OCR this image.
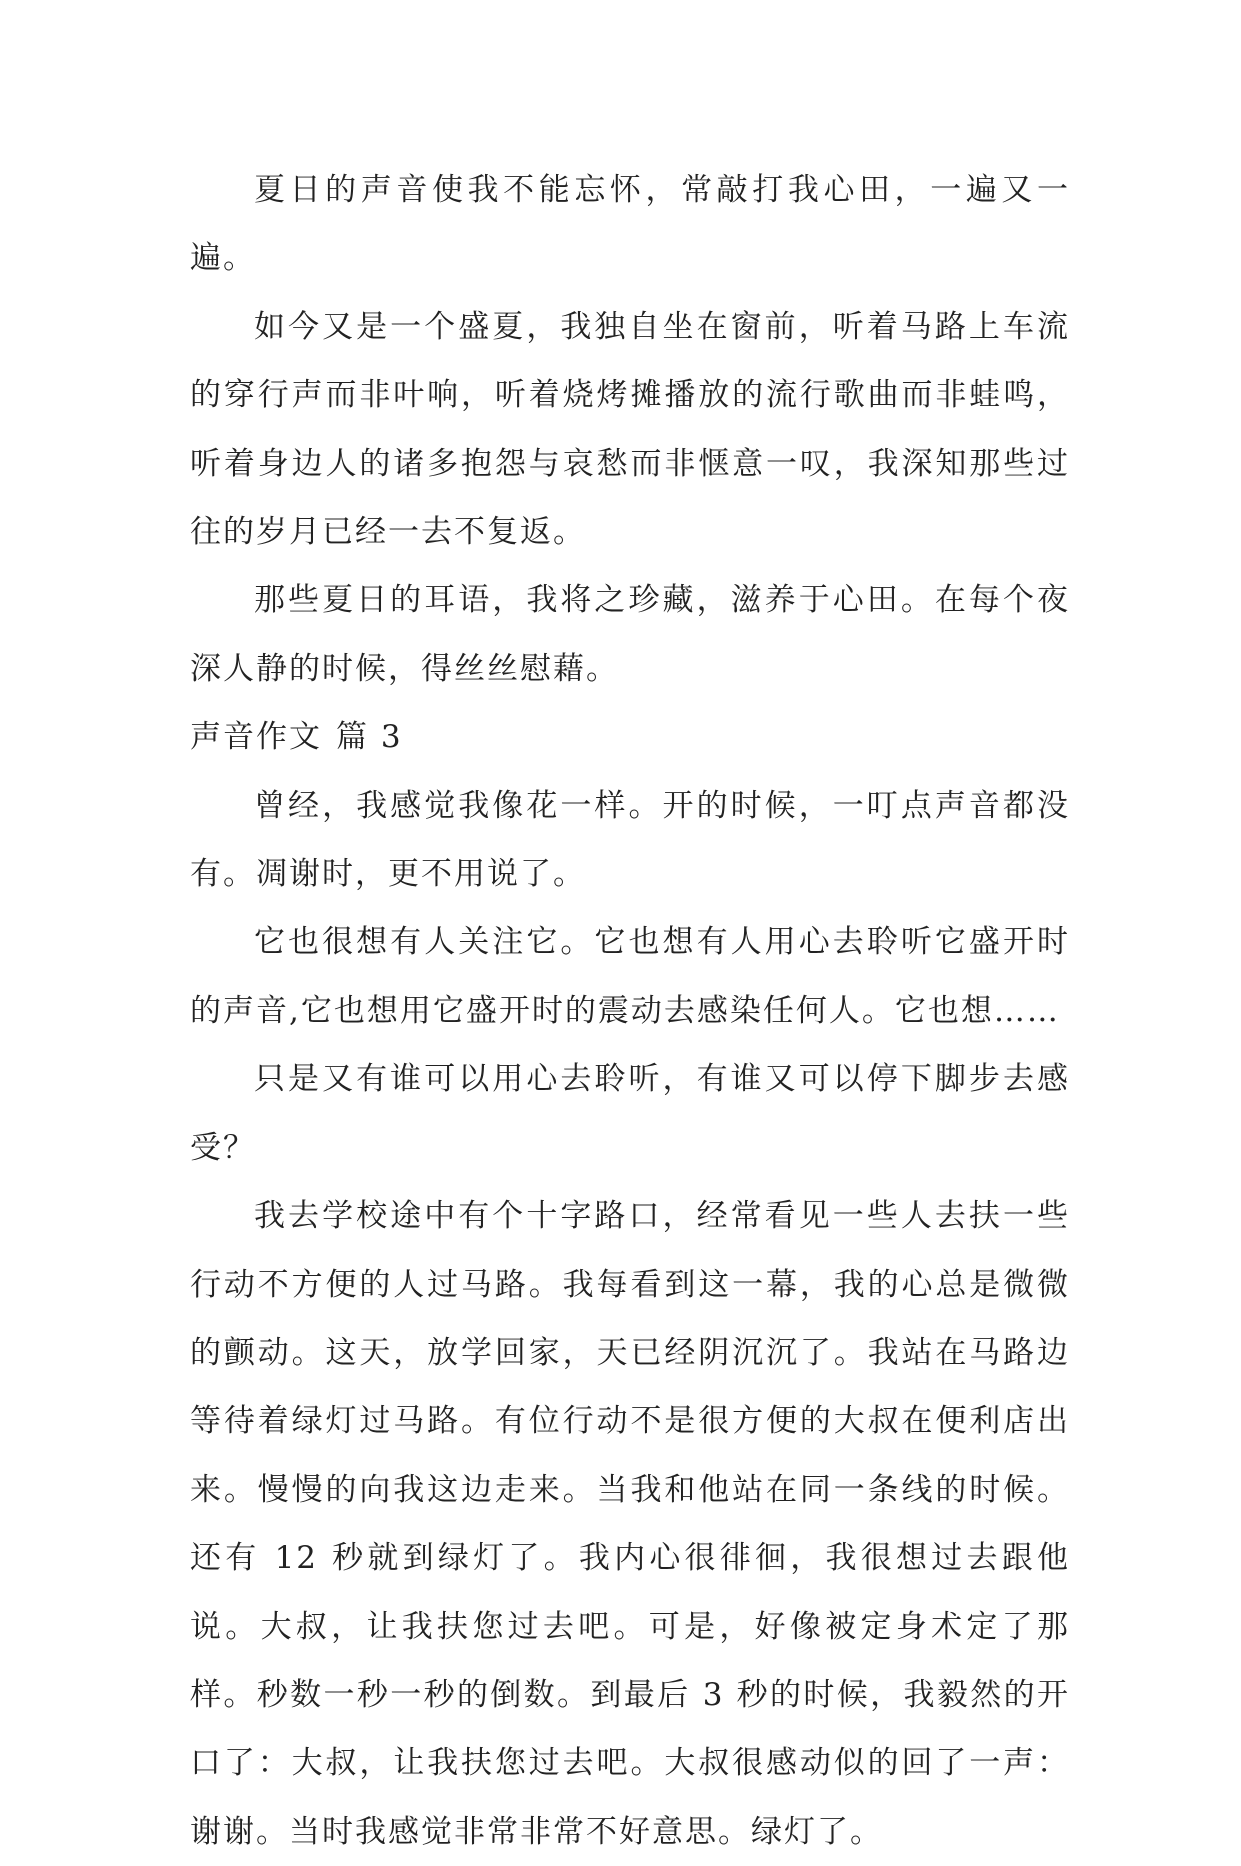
夏日的声音使我不能忘怀，常敲打我心田，一遍又一遍。

如今又是一个盛夏，我独自坐在窗前，听着马路上车流的穿行声而非叶响，听着烧烤摊播放的流行歌曲而非蛙鸣，听着身边人的诸多抱怨与哀愁而非惬意一叹，我深知那些过往的岁月已经一去不复返。

那些夏日的耳语，我将之珍藏，滋养于心田。在每个夜深人静的时候，得丝丝慰藉。

声音作文 篇 3

曾经，我感觉我像花一样。开的时候，一叮点声音都没有。凋谢时，更不用说了。

它也很想有人关注它。它也想有人用心去聆听它盛开时的声音,它也想用它盛开时的震动去感染任何人。它也想……

只是又有谁可以用心去聆听，有谁又可以停下脚步去感受？

我去学校途中有个十字路口，经常看见一些人去扶一些行动不方便的人过马路。我每看到这一幕，我的心总是微微的颤动。这天，放学回家，天已经阴沉沉了。我站在马路边等待着绿灯过马路。有位行动不是很方便的大叔在便利店出来。慢慢的向我这边走来。当我和他站在同一条线的时候。还有 12 秒就到绿灯了。我内心很徘徊，我很想过去跟他说。大叔，让我扶您过去吧。可是，好像被定身术定了那样。秒数一秒一秒的倒数。到最后 3 秒的时候，我毅然的开口了：大叔，让我扶您过去吧。大叔很感动似的回了一声：谢谢。当时我感觉非常非常不好意思。绿灯了。
